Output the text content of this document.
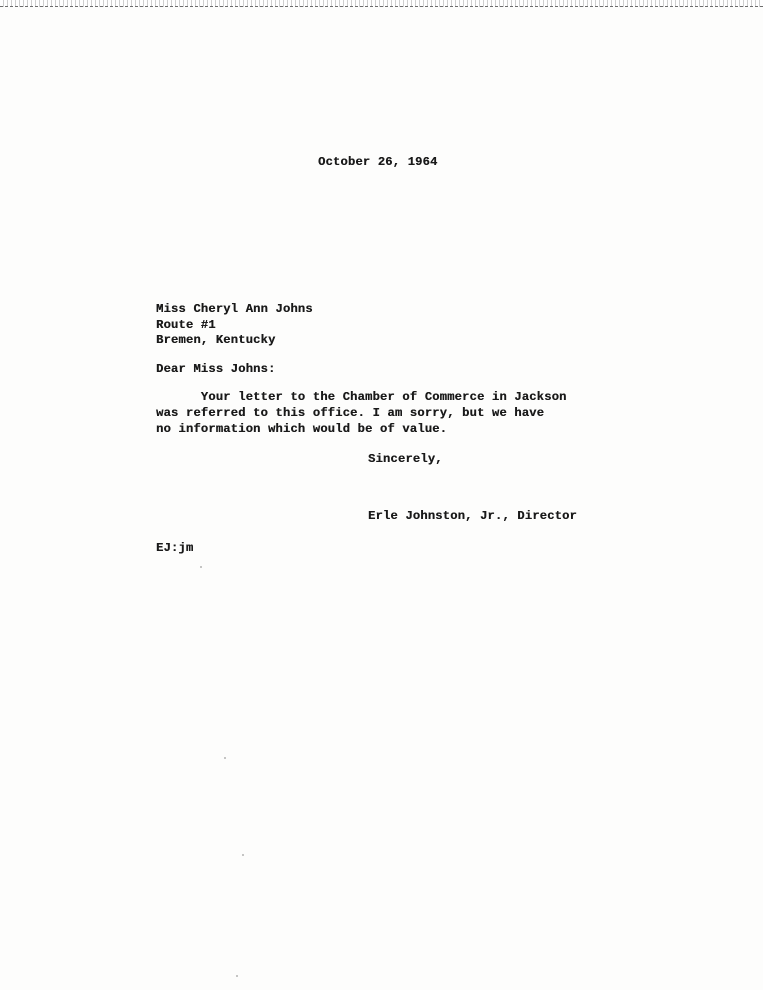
October 26, 1964
Miss Cheryl Ann Johns
Route #1
Bremen, Kentucky
Dear Miss Johns:
Your letter to the Chamber of Commerce in Jackson
was referred to this office. I am sorry, but we have
no information which would be of value.
Sincerely,
Erle Johnston, Jr., Director
EJ:jm
